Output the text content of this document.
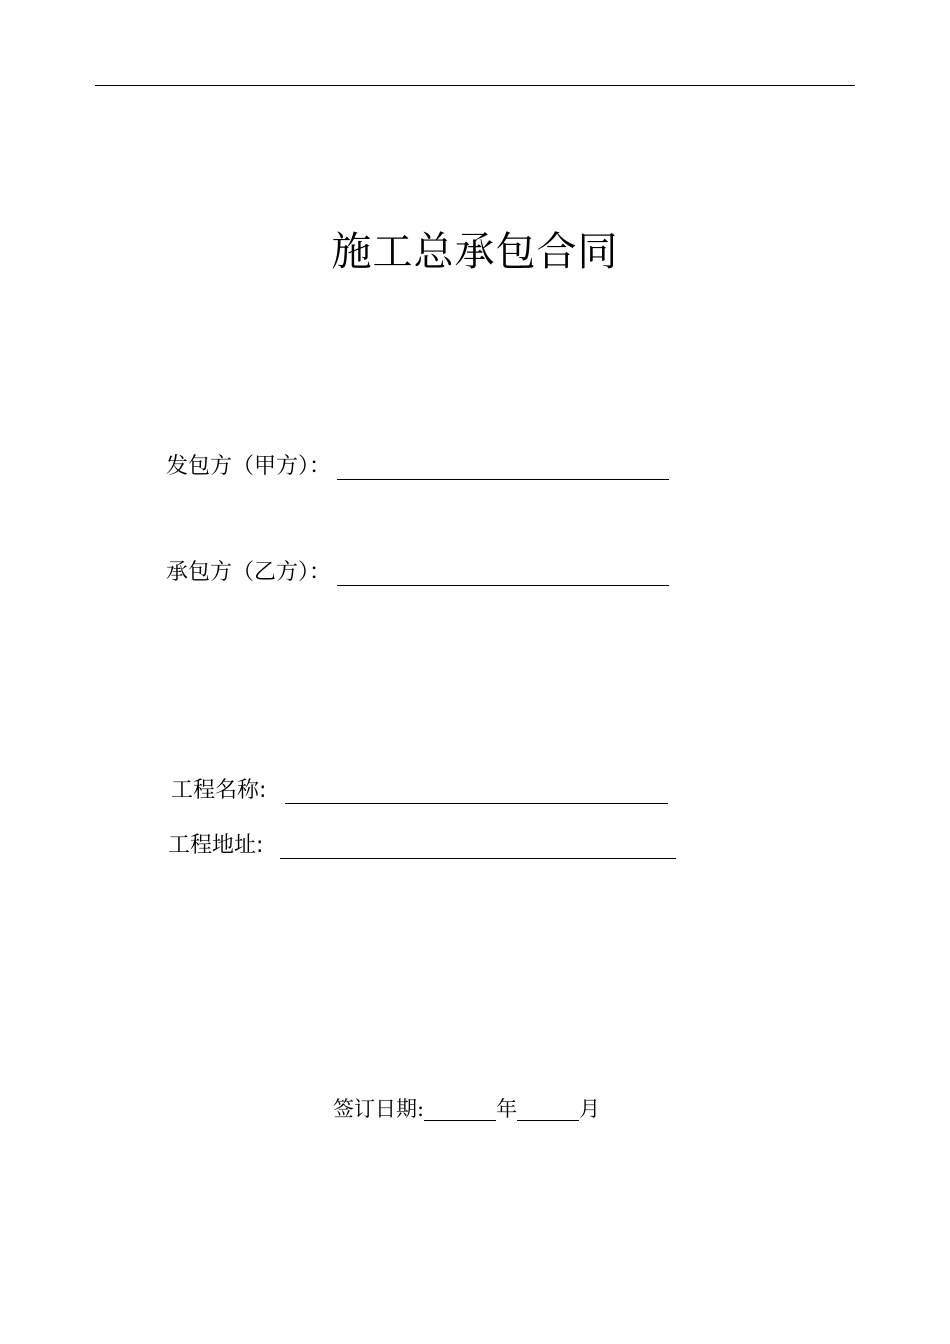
施工总承包合同
发包方（甲方）：
承包方（乙方）：
工程名称:
工程地址:
签订日期:	年	月
